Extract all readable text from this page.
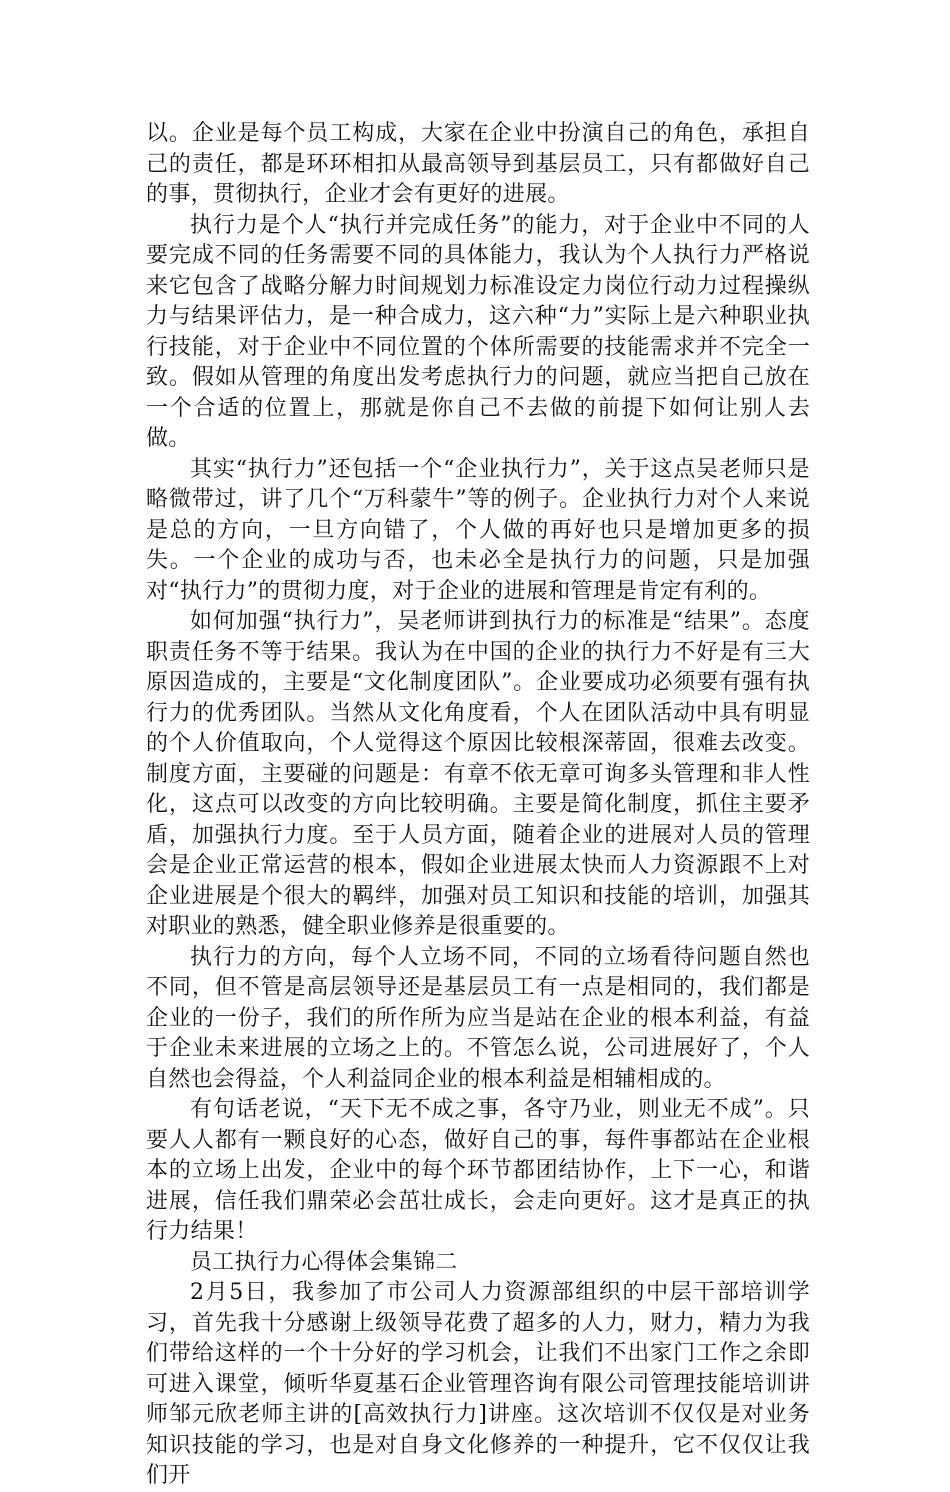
以。企业是每个员工构成，大家在企业中扮演自己的角色，承担自己的责任，都是环环相扣从最高领导到基层员工，只有都做好自己的事，贯彻执行，企业才会有更好的进展。

执行力是个人“执行并完成任务”的能力，对于企业中不同的人要完成不同的任务需要不同的具体能力，我认为个人执行力严格说来它包含了战略分解力时间规划力标准设定力岗位行动力过程操纵力与结果评估力，是一种合成力，这六种“力”实际上是六种职业执行技能，对于企业中不同位置的个体所需要的技能需求并不完全一致。假如从管理的角度出发考虑执行力的问题，就应当把自己放在一个合适的位置上，那就是你自己不去做的前提下如何让别人去做。

其实“执行力”还包括一个“企业执行力”，关于这点吴老师只是略微带过，讲了几个“万科蒙牛”等的例子。企业执行力对个人来说是总的方向，一旦方向错了，个人做的再好也只是增加更多的损失。一个企业的成功与否，也未必全是执行力的问题，只是加强对“执行力”的贯彻力度，对于企业的进展和管理是肯定有利的。

如何加强“执行力”，吴老师讲到执行力的标准是“结果”。态度职责任务不等于结果。我认为在中国的企业的执行力不好是有三大原因造成的，主要是“文化制度团队”。企业要成功必须要有强有执行力的优秀团队。当然从文化角度看，个人在团队活动中具有明显的个人价值取向，个人觉得这个原因比较根深蒂固，很难去改变。制度方面，主要碰的问题是：有章不依无章可询多头管理和非人性化，这点可以改变的方向比较明确。主要是简化制度，抓住主要矛盾，加强执行力度。至于人员方面，随着企业的进展对人员的管理会是企业正常运营的根本，假如企业进展太快而人力资源跟不上对企业进展是个很大的羁绊，加强对员工知识和技能的培训，加强其对职业的熟悉，健全职业修养是很重要的。

执行力的方向，每个人立场不同，不同的立场看待问题自然也不同，但不管是高层领导还是基层员工有一点是相同的，我们都是企业的一份子，我们的所作所为应当是站在企业的根本利益，有益于企业未来进展的立场之上的。不管怎么说，公司进展好了，个人自然也会得益，个人利益同企业的根本利益是相辅相成的。

有句话老说，“天下无不成之事，各守乃业，则业无不成”。只要人人都有一颗良好的心态，做好自己的事，每件事都站在企业根本的立场上出发，企业中的每个环节都团结协作，上下一心，和谐进展，信任我们鼎荣必会茁壮成长，会走向更好。这才是真正的执行力结果！

员工执行力心得体会集锦二

2月5日，我参加了市公司人力资源部组织的中层干部培训学习，首先我十分感谢上级领导花费了超多的人力，财力，精力为我们带给这样的一个十分好的学习机会，让我们不出家门工作之余即可进入课堂，倾听华夏基石企业管理咨询有限公司管理技能培训讲师邹元欣老师主讲的[高效执行力]讲座。这次培训不仅仅是对业务知识技能的学习，也是对自身文化修养的一种提升，它不仅仅让我们开
